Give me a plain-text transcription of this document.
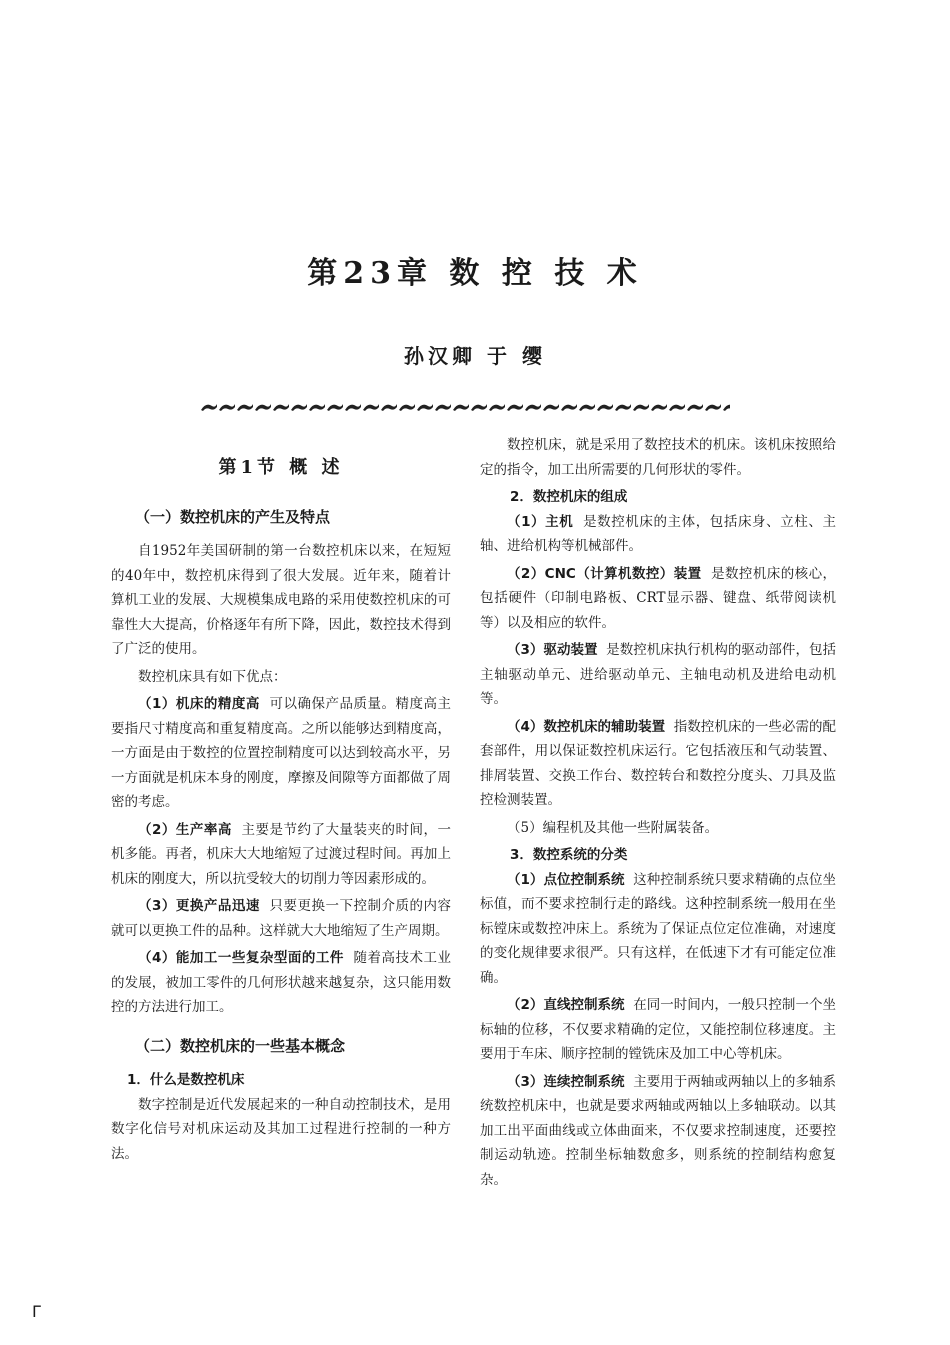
第23章 数 控 技 术
孙汉卿 于 缨
第1节 概 述
（一）数控机床的产生及特点

自1952年美国研制的第一台数控机床以来，在短短的40年中，数控机床得到了很大发展。近年来，随着计算机工业的发展、大规模集成电路的采用使数控机床的可靠性大大提高，价格逐年有所下降，因此，数控技术得到了广泛的使用。

数控机床具有如下优点：

（1）机床的精度高 可以确保产品质量。精度高主要指尺寸精度高和重复精度高。之所以能够达到精度高，一方面是由于数控的位置控制精度可以达到较高水平，另一方面就是机床本身的刚度，摩擦及间隙等方面都做了周密的考虑。

（2）生产率高 主要是节约了大量装夹的时间，一机多能。再者，机床大大地缩短了过渡过程时间。再加上机床的刚度大，所以抗受较大的切削力等因素形成的。

（3）更换产品迅速 只要更换一下控制介质的内容就可以更换工件的品种。这样就大大地缩短了生产周期。

（4）能加工一些复杂型面的工件 随着高技术工业的发展，被加工零件的几何形状越来越复杂，这只能用数控的方法进行加工。

（二）数控机床的一些基本概念
1．什么是数控机床

数字控制是近代发展起来的一种自动控制技术，是用数字化信号对机床运动及其加工过程进行控制的一种方法。

数控机床，就是采用了数控技术的机床。该机床按照给定的指令，加工出所需要的几何形状的零件。

2．数控机床的组成

（1）主机 是数控机床的主体，包括床身、立柱、主轴、进给机构等机械部件。

（2）CNC（计算机数控）装置 是数控机床的核心，包括硬件（印制电路板、CRT显示器、键盘、纸带阅读机等）以及相应的软件。

（3）驱动装置 是数控机床执行机构的驱动部件，包括主轴驱动单元、进给驱动单元、主轴电动机及进给电动机等。

（4）数控机床的辅助装置 指数控机床的一些必需的配套部件，用以保证数控机床运行。它包括液压和气动装置、排屑装置、交换工作台、数控转台和数控分度头、刀具及监控检测装置。

（5）编程机及其他一些附属装备。

3．数控系统的分类

（1）点位控制系统 这种控制系统只要求精确的点位坐标值，而不要求控制行走的路线。这种控制系统一般用在坐标镗床或数控冲床上。系统为了保证点位定位准确，对速度的变化规律要求很严。只有这样，在低速下才有可能定位准确。

（2）直线控制系统 在同一时间内，一般只控制一个坐标轴的位移，不仅要求精确的定位，又能控制位移速度。主要用于车床、顺序控制的镗铣床及加工中心等机床。

（3）连续控制系统 主要用于两轴或两轴以上的多轴系统数控机床中，也就是要求两轴或两轴以上多轴联动。以其加工出平面曲线或立体曲面来，不仅要求控制速度，还要控制运动轨迹。控制坐标轴数愈多，则系统的控制结构愈复杂。

Γ
